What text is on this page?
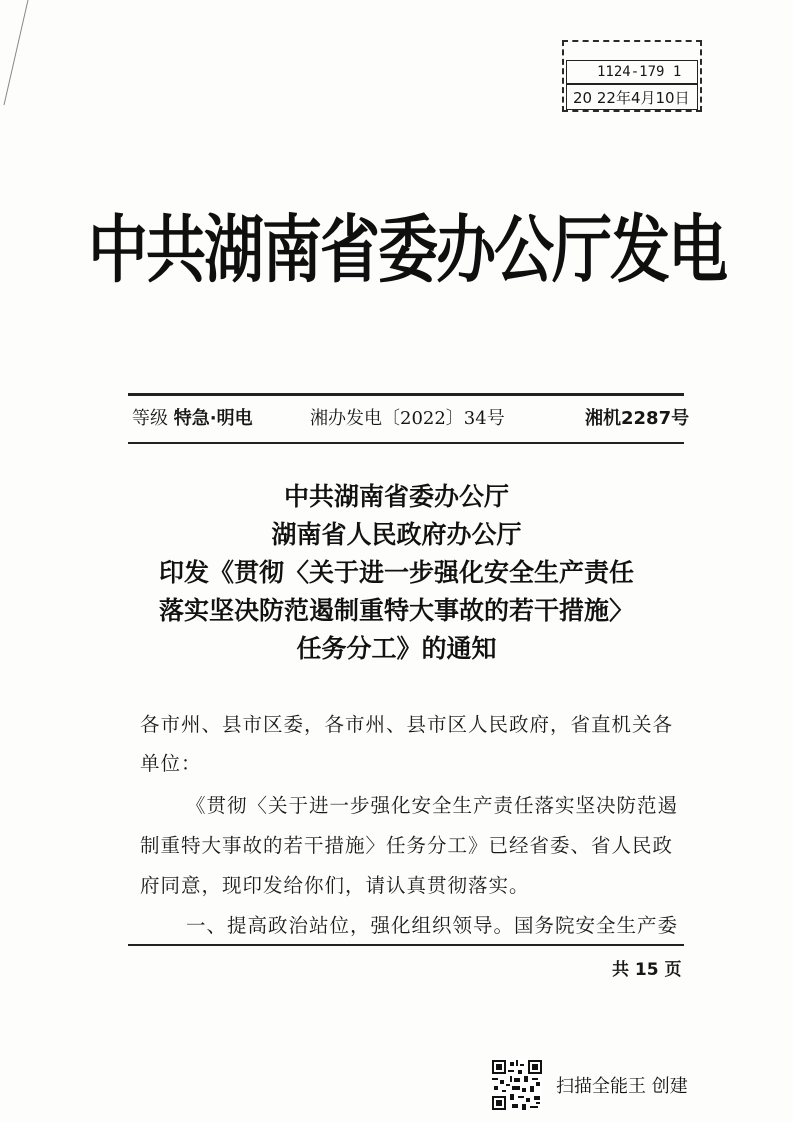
1124-179 1
20 22年4月10日
中共湖南省委办公厅发电
等级 特急·明电	湘办发电〔2022〕34号	湘机2287号
中共湖南省委办公厅
湖南省人民政府办公厅
印发《贯彻〈关于进一步强化安全生产责任
落实坚决防范遏制重特大事故的若干措施〉
任务分工》的通知
各市州、县市区委，各市州、县市区人民政府，省直机关各
单位：
《贯彻〈关于进一步强化安全生产责任落实坚决防范遏
制重特大事故的若干措施〉任务分工》已经省委、省人民政
府同意，现印发给你们，请认真贯彻落实。
一、提高政治站位，强化组织领导。国务院安全生产委
共 15 页
扫描全能王 创建
